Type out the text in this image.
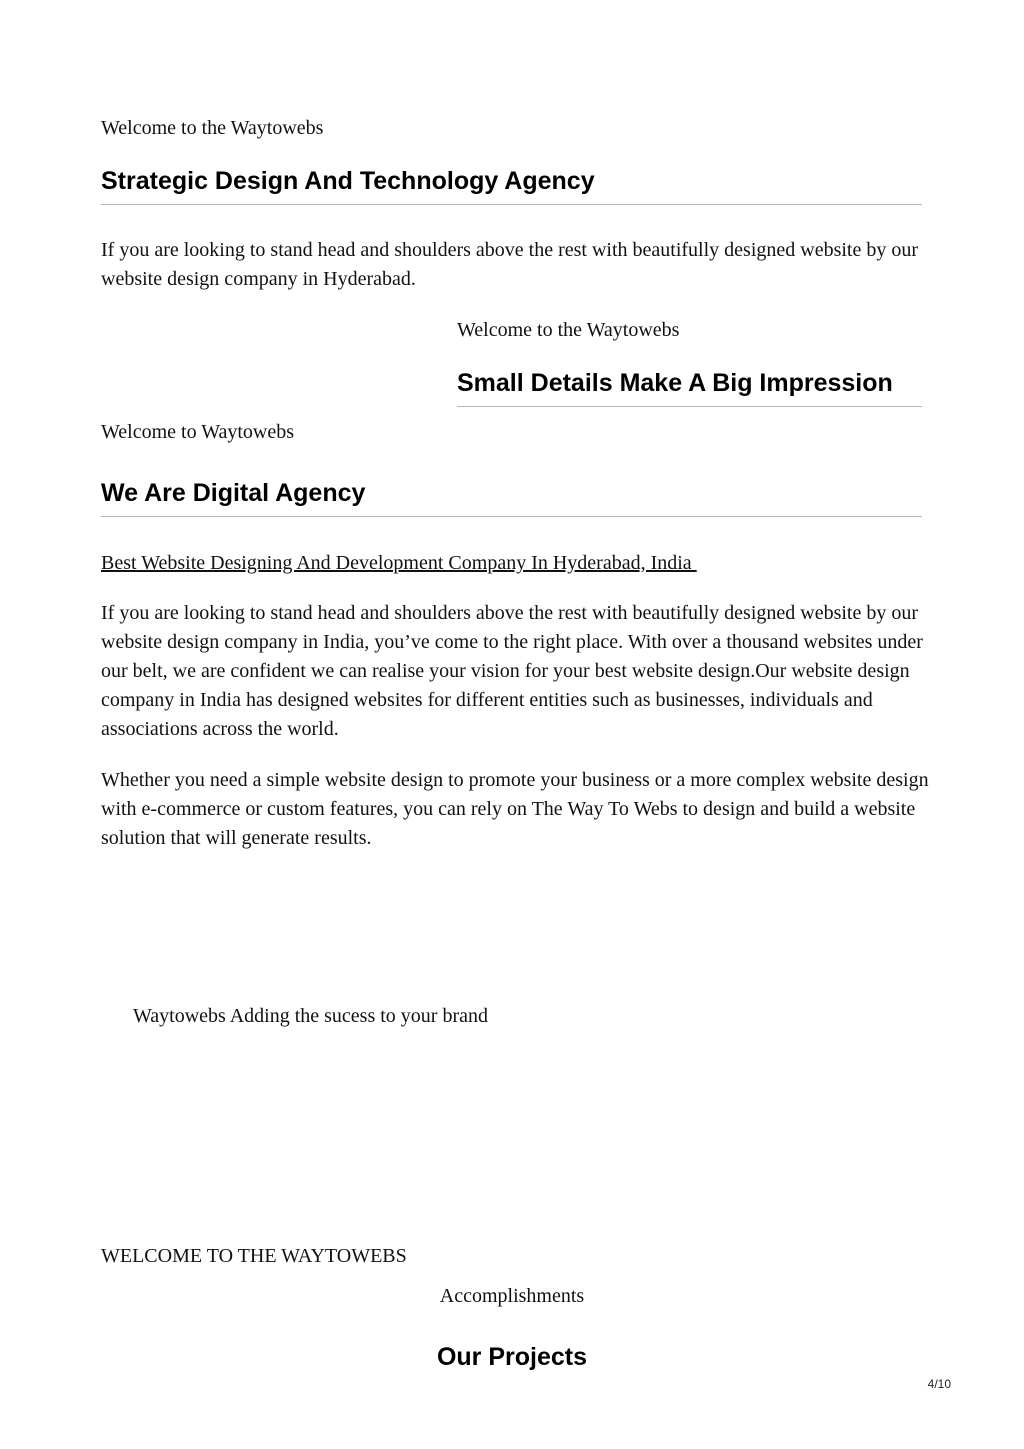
Welcome to the Waytowebs

Strategic Design And Technology Agency

If you are looking to stand head and shoulders above the rest with beautifully designed website by our website design company in Hyderabad.

Welcome to the Waytowebs

Small Details Make A Big Impression

Welcome to Waytowebs

We Are Digital Agency
Best Website Designing And Development Company In Hyderabad, India

If you are looking to stand head and shoulders above the rest with beautifully designed website by our website design company in India, you’ve come to the right place. With over a thousand websites under our belt, we are confident we can realise your vision for your best website design.Our website design company in India has designed websites for different entities such as businesses, individuals and associations across the world.

Whether you need a simple website design to promote your business or a more complex website design with e-commerce or custom features, you can rely on The Way To Webs to design and build a website solution that will generate results.

Waytowebs Adding the sucess to your brand

WELCOME TO THE WAYTOWEBS

Accomplishments

Our Projects
4/10
